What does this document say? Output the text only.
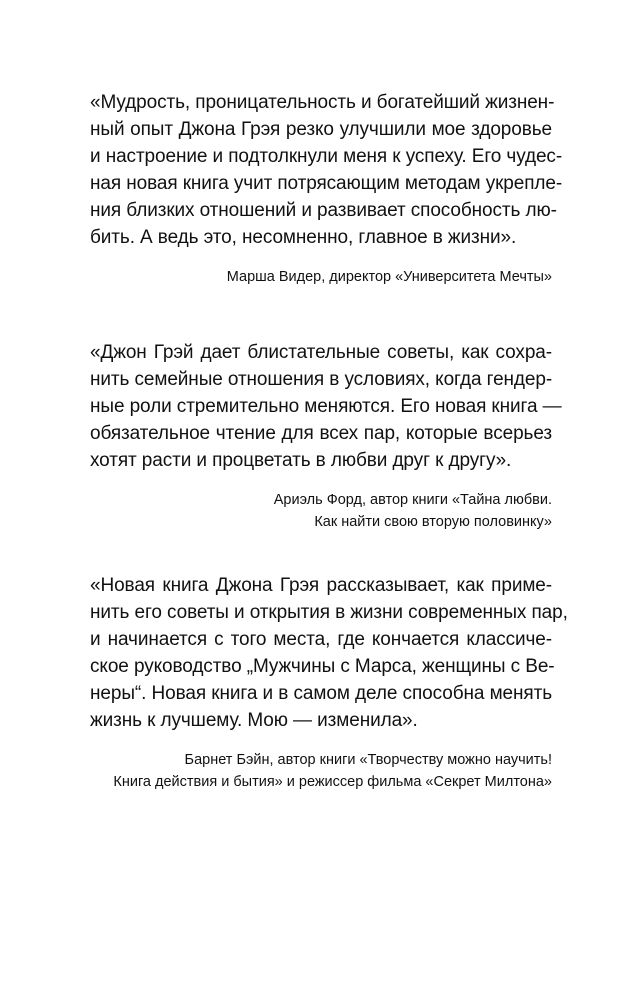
«Мудрость, проницательность и богатейший жизнен-
ный опыт Джона Грэя резко улучшили мое здоровье
и настроение и подтолкнули меня к успеху. Его чудес-
ная новая книга учит потрясающим методам укрепле-
ния близких отношений и развивает способность лю-
бить. А ведь это, несомненно, главное в жизни».

Марша Видер, директор «Университета Мечты»

«Джон Грэй дает блистательные советы, как сохра-
нить семейные отношения в условиях, когда гендер-
ные роли стремительно меняются. Его новая книга —
обязательное чтение для всех пар, которые всерьез
хотят расти и процветать в любви друг к другу».

Ариэль Форд, автор книги «Тайна любви.
Как найти свою вторую половинку»

«Новая книга Джона Грэя рассказывает, как приме-
нить его советы и открытия в жизни современных пар,
и начинается с того места, где кончается классиче-
ское руководство „Мужчины с Марса, женщины с Ве-
неры“. Новая книга и в самом деле способна менять
жизнь к лучшему. Мою — изменила».

Барнет Бэйн, автор книги «Творчеству можно научить!
Книга действия и бытия» и режиссер фильма «Секрет Милтона»
